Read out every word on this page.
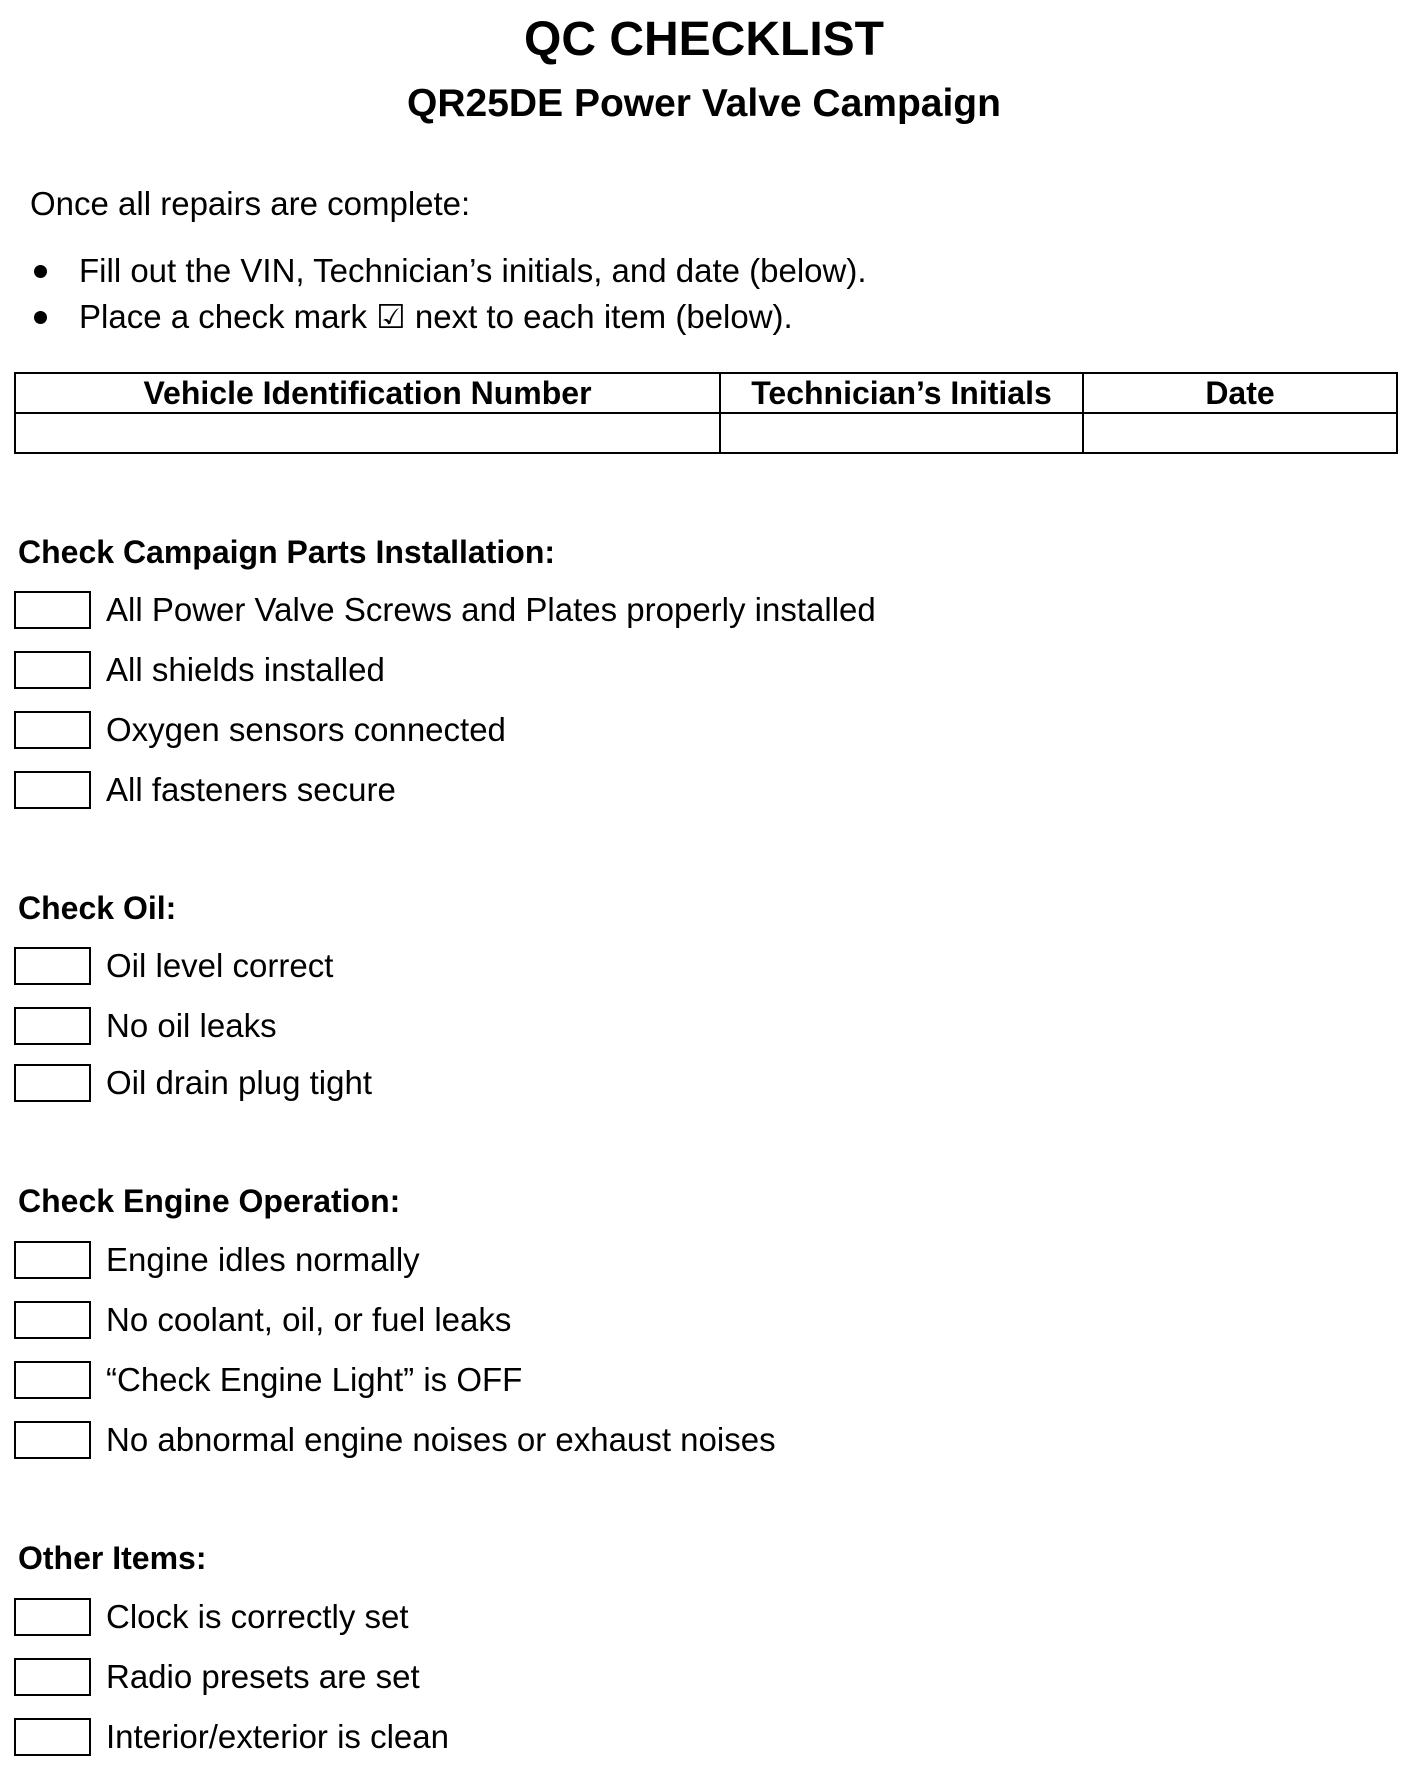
QC CHECKLIST
QR25DE Power Valve Campaign
Once all repairs are complete:
Fill out the VIN, Technician’s initials, and date (below).
Place a check mark ☑ next to each item (below).
Vehicle Identification Number	Technician’s Initials	Date

Check Campaign Parts Installation:
All Power Valve Screws and Plates properly installed
All shields installed
Oxygen sensors connected
All fasteners secure
Check Oil:
Oil level correct
No oil leaks
Oil drain plug tight
Check Engine Operation:
Engine idles normally
No coolant, oil, or fuel leaks
“Check Engine Light” is OFF
No abnormal engine noises or exhaust noises
Other Items:
Clock is correctly set
Radio presets are set
Interior/exterior is clean
